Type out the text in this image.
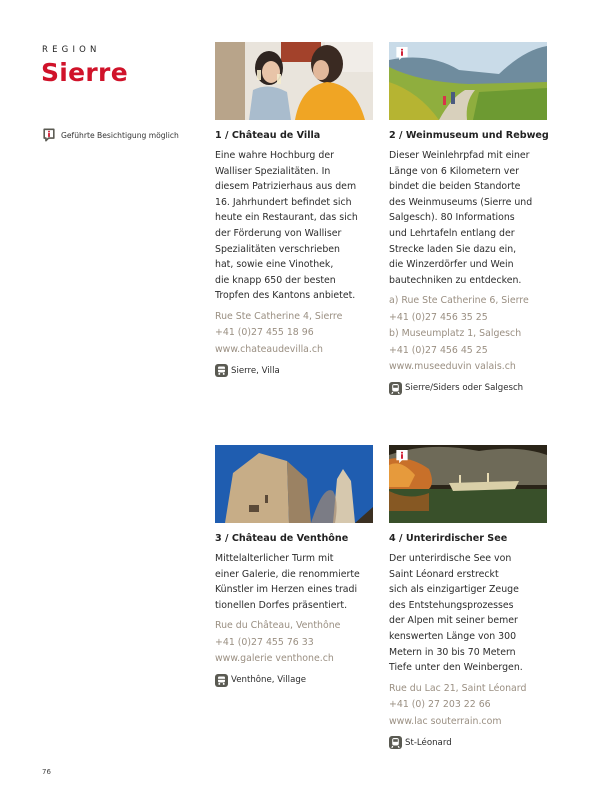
REGION
Sierre
Geführte Besichtigung möglich	1 / Château de Villa
Eine wahre Hochburg der
Walliser Spezialitäten. In
diesem Patrizierhaus aus dem
16. Jahrhundert befindet sich
heute ein Restaurant, das sich
der Förderung von Walliser
Spezialitäten verschrieben
hat, sowie eine Vinothek,
die knapp 650 der besten
Tropfen des Kantons anbietet.
Rue Ste Catherine 4, Sierre
+41 (0)27 455 18 96
www.chateaudevilla.ch
Sierre, Villa
2 / Weinmuseum und Rebweg
Dieser Weinlehrpfad mit einer
Länge von 6 Kilometern ver
bindet die beiden Standorte
des Weinmuseums (Sierre und
Salgesch). 80 Informations
und Lehrtafeln entlang der
Strecke laden Sie dazu ein,
die Winzerdörfer und Wein
bautechniken zu entdecken.
a) Rue Ste Catherine 6, Sierre
+41 (0)27 456 35 25
b) Museumplatz 1, Salgesch
+41 (0)27 456 45 25
www.museeduvin valais.ch
Sierre/Siders oder Salgesch
3 / Château de Venthône
Mittelalterlicher Turm mit
einer Galerie, die renommierte
Künstler im Herzen eines tradi
tionellen Dorfes präsentiert.
Rue du Château, Venthône
+41 (0)27 455 76 33
www.galerie venthone.ch
Venthône, Village
4 / Unterirdischer See
Der unterirdische See von
Saint Léonard erstreckt
sich als einzigartiger Zeuge
des Entstehungsprozesses
der Alpen mit seiner bemer
kenswerten Länge von 300
Metern in 30 bis 70 Metern
Tiefe unter den Weinbergen.
Rue du Lac 21, Saint Léonard
+41 (0) 27 203 22 66
www.lac souterrain.com
St-Léonard
76
